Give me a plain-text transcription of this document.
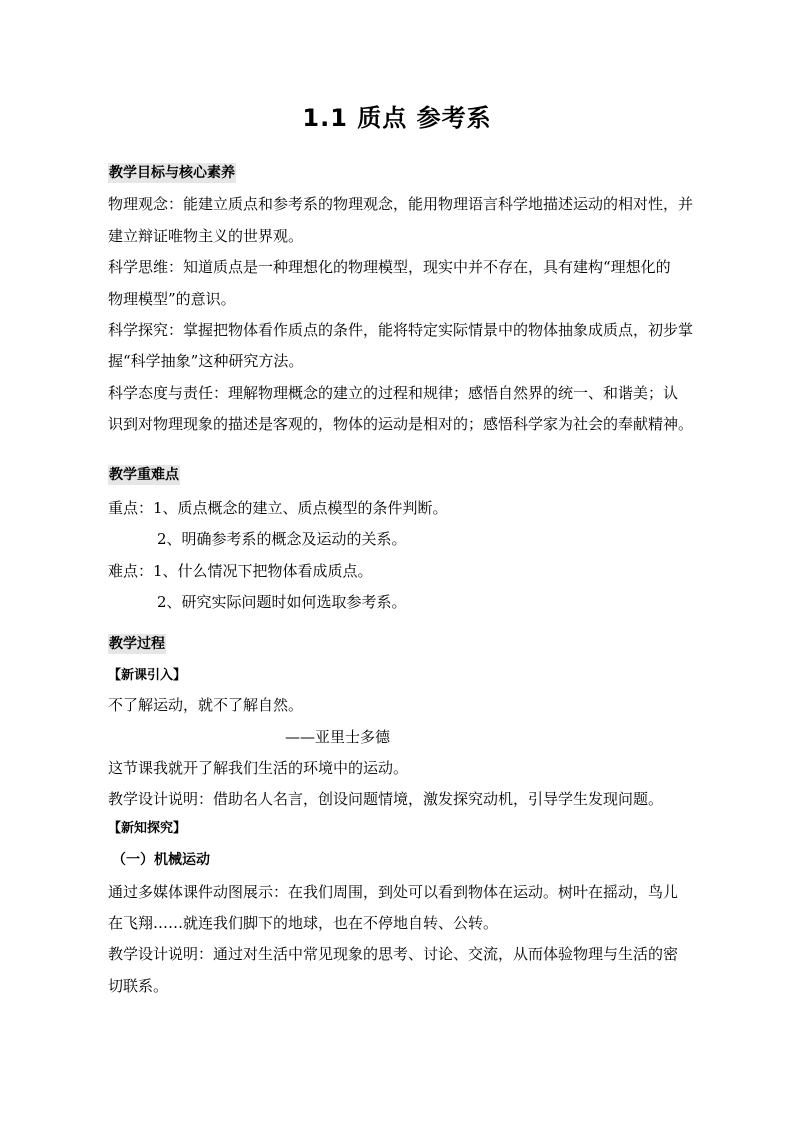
1.1 质点 参考系
教学目标与核心素养
物理观念：能建立质点和参考系的物理观念，能用物理语言科学地描述运动的相对性，并
建立辩证唯物主义的世界观。
科学思维：知道质点是一种理想化的物理模型，现实中并不存在，具有建构“理想化的
物理模型”的意识。
科学探究：掌握把物体看作质点的条件，能将特定实际情景中的物体抽象成质点，初步掌
握“科学抽象”这种研究方法。
科学态度与责任：理解物理概念的建立的过程和规律；感悟自然界的统一、和谐美；认
识到对物理现象的描述是客观的，物体的运动是相对的；感悟科学家为社会的奉献精神。
教学重难点
重点：1、质点概念的建立、质点模型的条件判断。
2、明确参考系的概念及运动的关系。
难点：1、什么情况下把物体看成质点。
2、研究实际问题时如何选取参考系。
教学过程
【新课引入】
不了解运动，就不了解自然。
——亚里士多德
这节课我就开了解我们生活的环境中的运动。
教学设计说明：借助名人名言，创设问题情境，激发探究动机，引导学生发现问题。
【新知探究】
（一）机械运动
通过多媒体课件动图展示：在我们周围，到处可以看到物体在运动。树叶在摇动，鸟儿
在飞翔……就连我们脚下的地球，也在不停地自转、公转。
教学设计说明：通过对生活中常见现象的思考、讨论、交流，从而体验物理与生活的密
切联系。
